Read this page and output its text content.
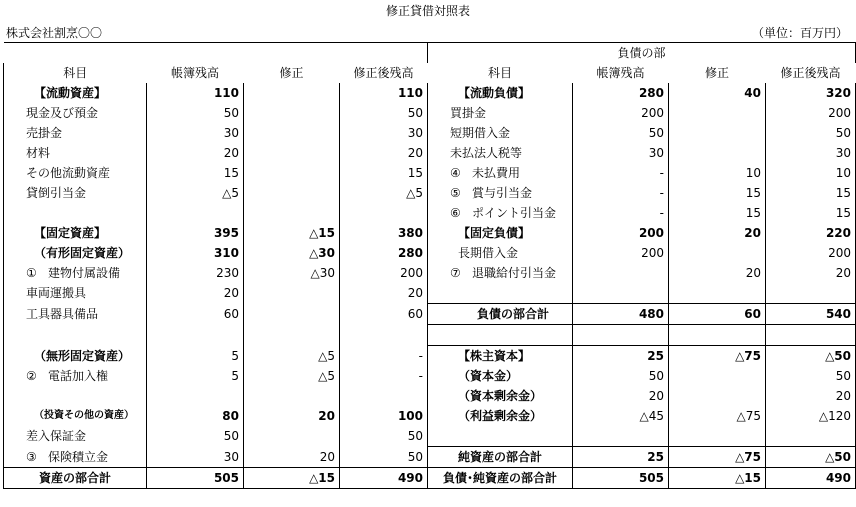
修正貸借対照表
株式会社割烹〇〇	（単位：百万円）
				負債の部			
科目	帳簿残高	修正	修正後残高	科目	帳簿残高	修正	修正後残高
【流動資産】	110		110	【流動負債】	280	40	320
現金及び預金	50		50	買掛金	200		200
売掛金	30		30	短期借入金	50		50
材料	20		20	未払法人税等	30		30
その他流動資産	15		15	④ 未払費用	-	10	10
貸倒引当金	△5		△5	⑤ 賞与引当金	-	15	15
				⑥ ポイント引当金	-	15	15
【固定資産】	395	△15	380	【固定負債】	200	20	220
（有形固定資産）	310	△30	280	長期借入金	200		200
① 建物付属設備	230	△30	200	⑦ 退職給付引当金		20	20
車両運搬具	20		20				
工具器具備品	60		60	負債の部合計	480	60	540

（無形固定資産）	5	△5	-	【株主資本】	25	△75	△50
② 電話加入権	5	△5	-	（資本金）	50		50
				（資本剰余金）	20		20
（投資その他の資産）	80	20	100	（利益剰余金）	△45	△75	△120
差入保証金	50		50				
③ 保険積立金	30	20	50	純資産の部合計	25	△75	△50
資産の部合計	505	△15	490	負債･純資産の部合計	505	△15	490
